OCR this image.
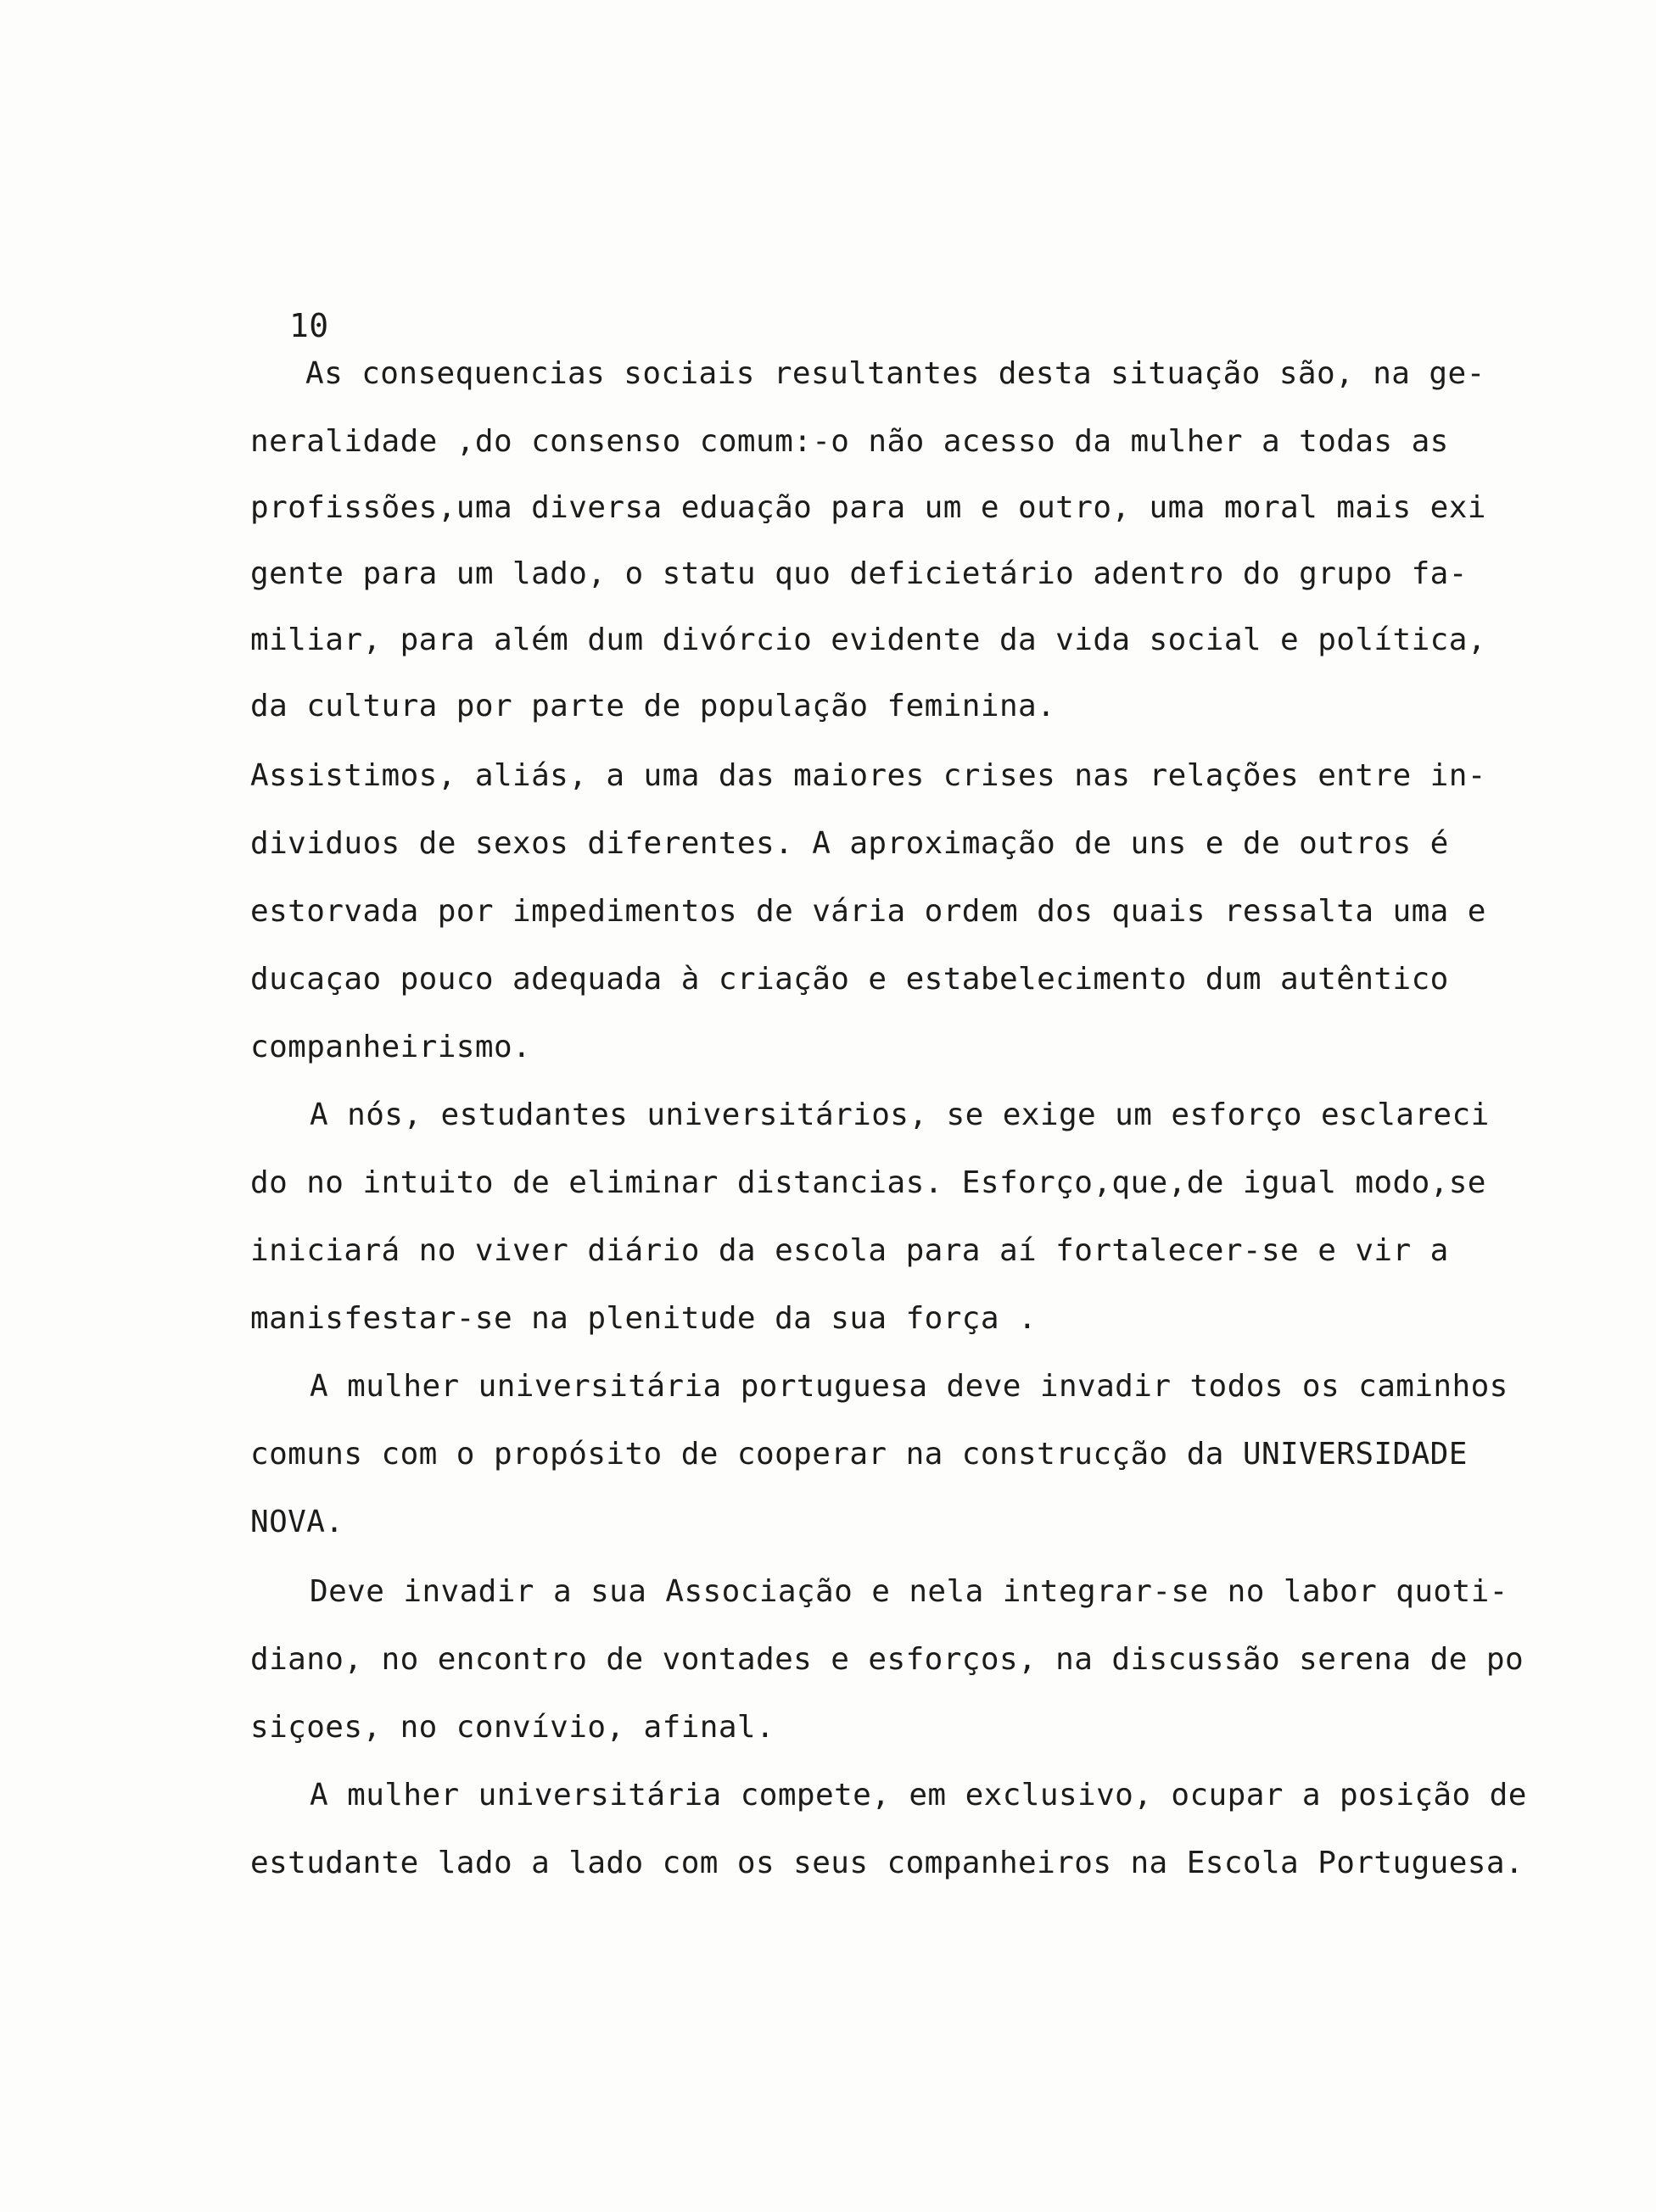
10
As consequencias sociais resultantes desta situação são, na ge-
neralidade ,do consenso comum:-o não acesso da mulher a todas as
profissões,uma diversa eduação para um e outro, uma moral mais exi
gente para um lado, o statu quo deficietário adentro do grupo fa-
miliar, para além dum divórcio evidente da vida social e política,
da cultura por parte de população feminina.
Assistimos, aliás, a uma das maiores crises nas relações entre in-
dividuos de sexos diferentes. A aproximação de uns e de outros é
estorvada por impedimentos de vária ordem dos quais ressalta uma e
ducaçao pouco adequada à criação e estabelecimento dum autêntico
companheirismo.
A nós, estudantes universitários, se exige um esforço esclareci
do no intuito de eliminar distancias. Esforço,que,de igual modo,se
iniciará no viver diário da escola para aí fortalecer-se e vir a
manisfestar-se na plenitude da sua força .
A mulher universitária portuguesa deve invadir todos os caminhos
comuns com o propósito de cooperar na construcção da UNIVERSIDADE
NOVA.
Deve invadir a sua Associação e nela integrar-se no labor quoti-
diano, no encontro de vontades e esforços, na discussão serena de po
siçoes, no convívio, afinal.
A mulher universitária compete, em exclusivo, ocupar a posição de
estudante lado a lado com os seus companheiros na Escola Portuguesa.
